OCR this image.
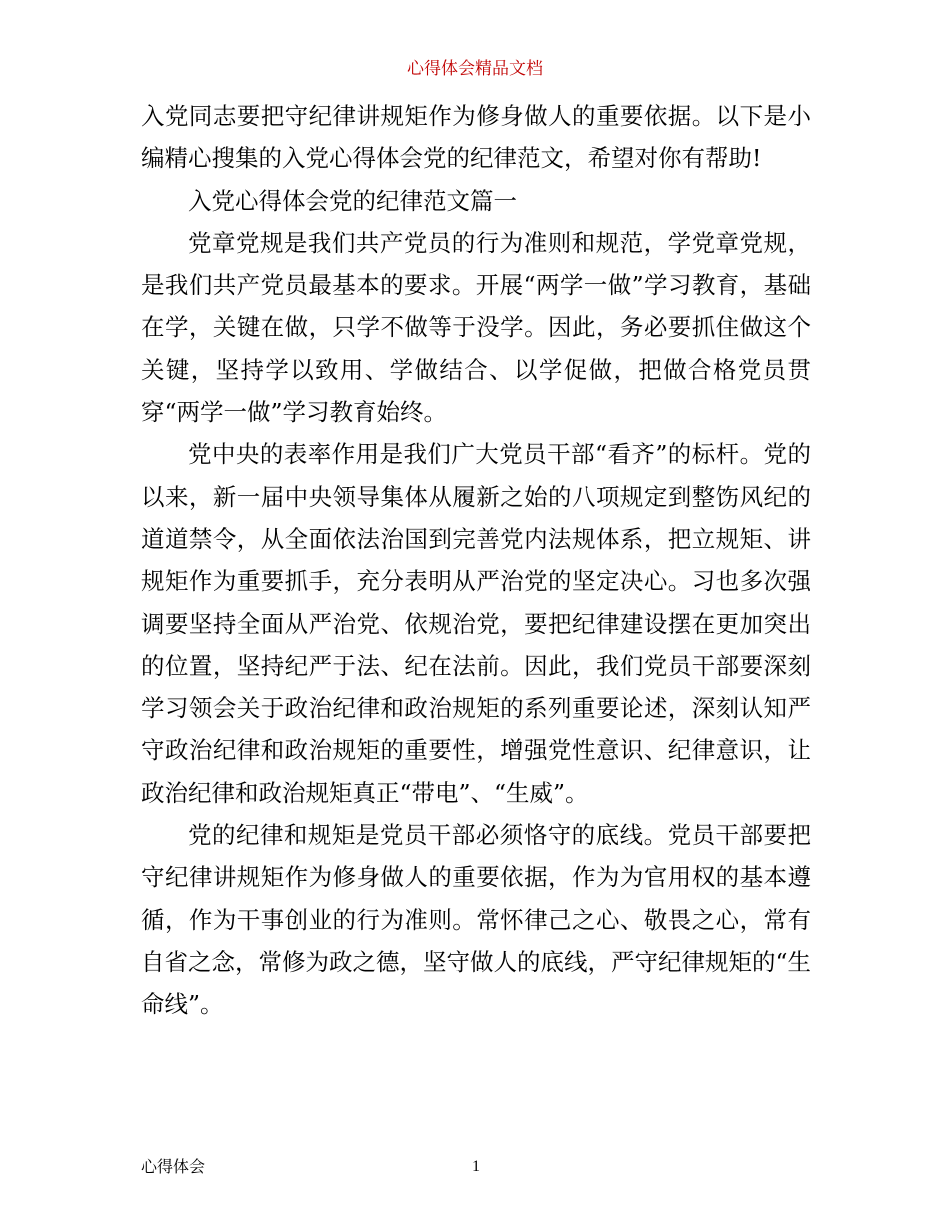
心得体会精品文档

入党同志要把守纪律讲规矩作为修身做人的重要依据。以下是小编精心搜集的入党心得体会党的纪律范文，希望对你有帮助!

入党心得体会党的纪律范文篇一

党章党规是我们共产党员的行为准则和规范，学党章党规，是我们共产党员最基本的要求。开展“两学一做”学习教育，基础在学，关键在做，只学不做等于没学。因此，务必要抓住做这个关键，坚持学以致用、学做结合、以学促做，把做合格党员贯穿“两学一做”学习教育始终。

党中央的表率作用是我们广大党员干部“看齐”的标杆。党的以来，新一届中央领导集体从履新之始的八项规定到整饬风纪的道道禁令，从全面依法治国到完善党内法规体系，把立规矩、讲规矩作为重要抓手，充分表明从严治党的坚定决心。习也多次强调要坚持全面从严治党、依规治党，要把纪律建设摆在更加突出的位置，坚持纪严于法、纪在法前。因此，我们党员干部要深刻学习领会关于政治纪律和政治规矩的系列重要论述，深刻认知严守政治纪律和政治规矩的重要性，增强党性意识、纪律意识，让政治纪律和政治规矩真正“带电”、“生威”。

党的纪律和规矩是党员干部必须恪守的底线。党员干部要把守纪律讲规矩作为修身做人的重要依据，作为为官用权的基本遵循，作为干事创业的行为准则。常怀律己之心、敬畏之心，常有自省之念，常修为政之德，坚守做人的底线，严守纪律规矩的“生命线”。

心得体会	1
